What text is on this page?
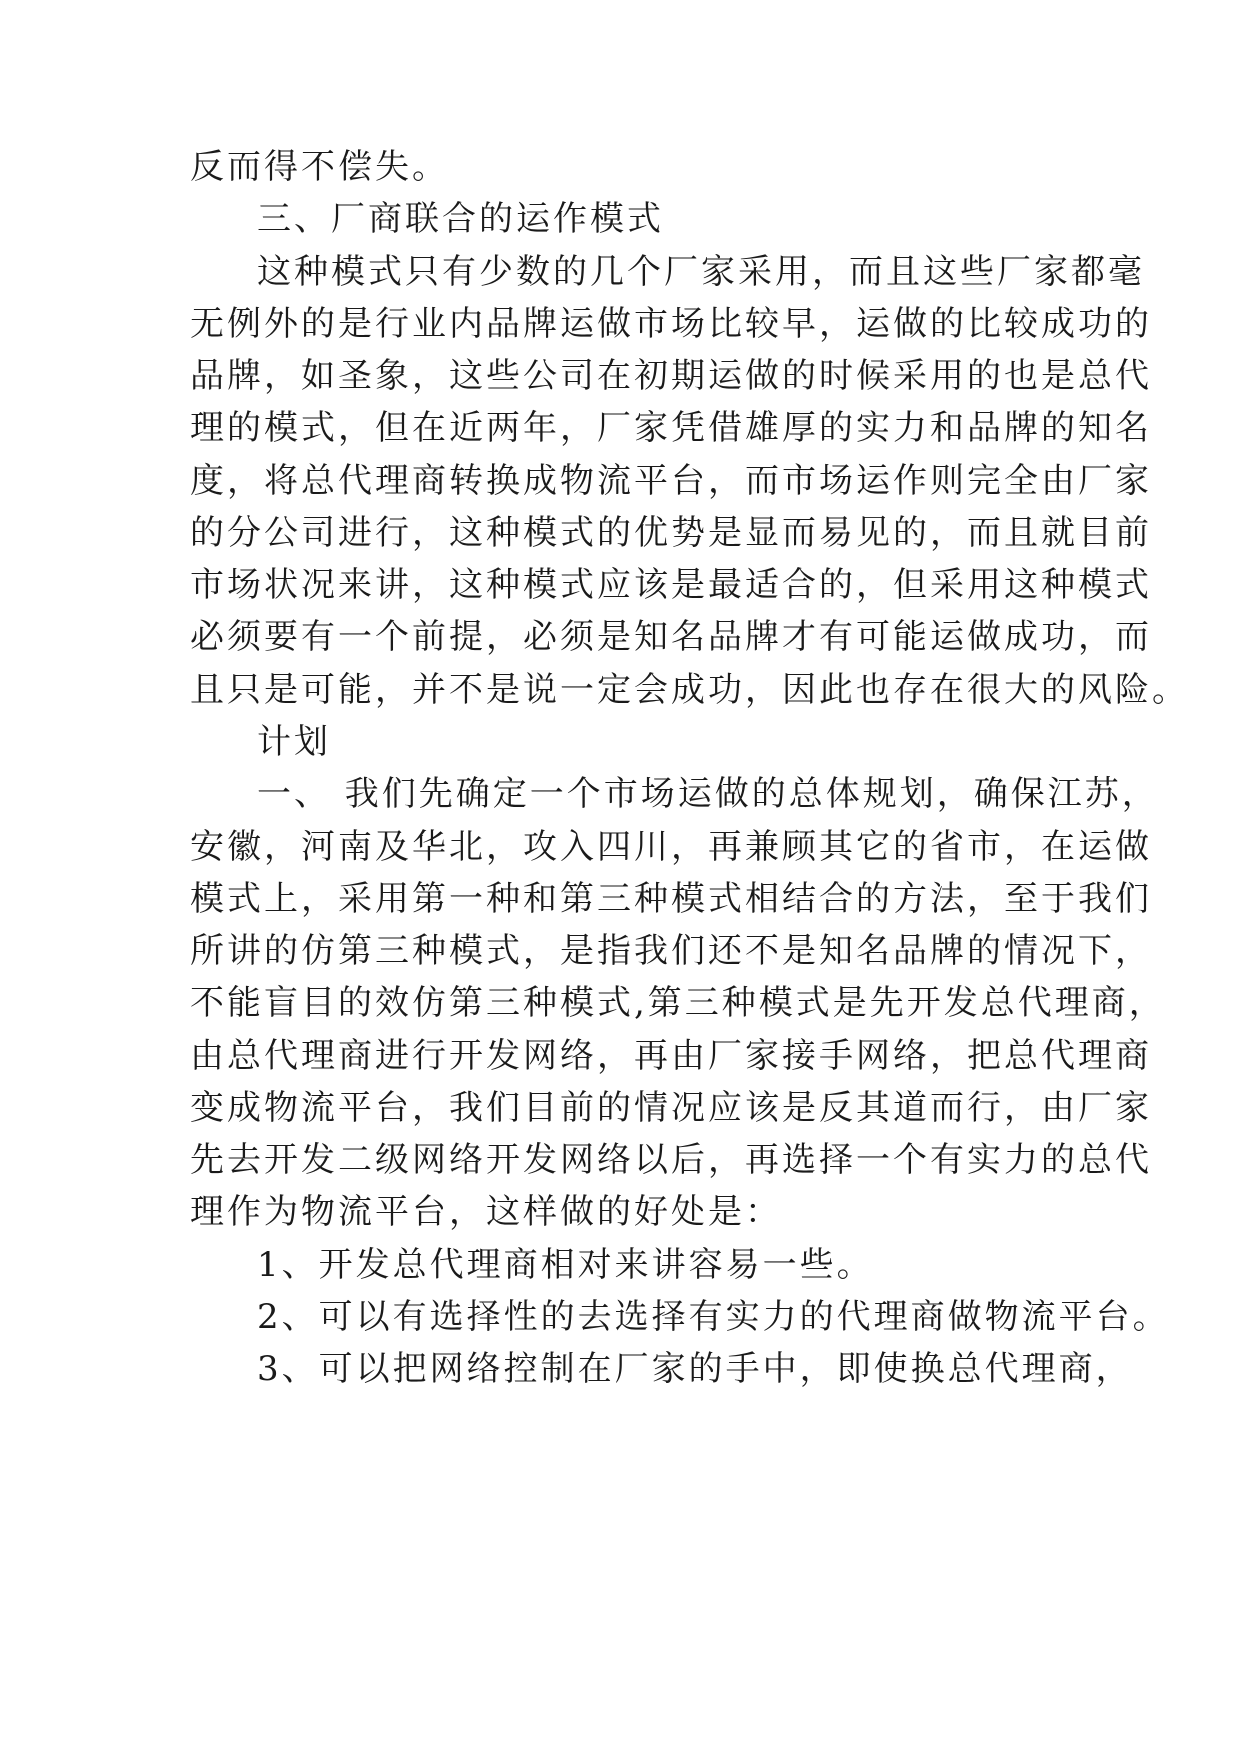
反而得不偿失。

三、厂商联合的运作模式

这种模式只有少数的几个厂家采用，而且这些厂家都毫

无例外的是行业内品牌运做市场比较早，运做的比较成功的

品牌，如圣象，这些公司在初期运做的时候采用的也是总代

理的模式，但在近两年，厂家凭借雄厚的实力和品牌的知名

度，将总代理商转换成物流平台，而市场运作则完全由厂家

的分公司进行，这种模式的优势是显而易见的，而且就目前

市场状况来讲，这种模式应该是最适合的，但采用这种模式

必须要有一个前提，必须是知名品牌才有可能运做成功，而

且只是可能，并不是说一定会成功，因此也存在很大的风险。

计划

一、 我们先确定一个市场运做的总体规划，确保江苏，

安徽，河南及华北，攻入四川，再兼顾其它的省市，在运做

模式上，采用第一种和第三种模式相结合的方法，至于我们

所讲的仿第三种模式，是指我们还不是知名品牌的情况下，

不能盲目的效仿第三种模式,第三种模式是先开发总代理商，

由总代理商进行开发网络，再由厂家接手网络，把总代理商

变成物流平台，我们目前的情况应该是反其道而行，由厂家

先去开发二级网络开发网络以后，再选择一个有实力的总代

理作为物流平台，这样做的好处是：

1、开发总代理商相对来讲容易一些。

2、可以有选择性的去选择有实力的代理商做物流平台。

3、可以把网络控制在厂家的手中，即使换总代理商，
